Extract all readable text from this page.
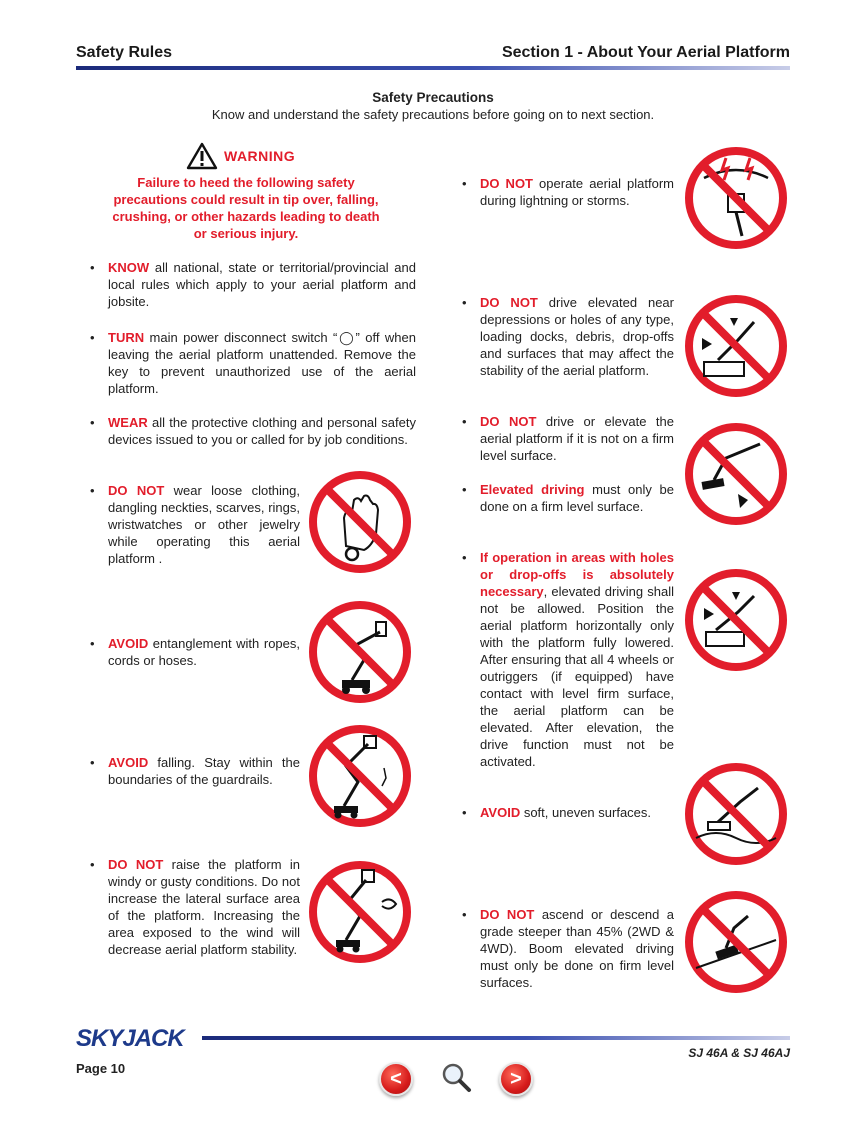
Safety Rules	Section 1 - About Your Aerial Platform
Safety Precautions
Know and understand the safety precautions before going on to next section.
WARNING
Failure to heed the following safety precautions could result in tip over, falling, crushing, or other hazards leading to death or serious injury.
• KNOW all national, state or territorial/provincial and local rules which apply to your aerial platform and jobsite.
• TURN main power disconnect switch “◯” off when leaving the aerial platform unattended. Remove the key to prevent unauthorized use of the aerial platform.
• WEAR all the protective clothing and personal safety devices issued to you or called for by job conditions.
• DO NOT wear loose clothing, dangling neckties, scarves, rings, wristwatches or other jewelry while operating this aerial platform .
• AVOID entanglement with ropes, cords or hoses.
• AVOID falling. Stay within the boundaries of the guardrails.
• DO NOT raise the platform in windy or gusty conditions. Do not increase the lateral surface area of the platform. Increasing the area exposed to the wind will decrease aerial platform stability.
• DO NOT operate aerial platform during lightning or storms.
• DO NOT drive elevated near depressions or holes of any type, loading docks, debris, drop-offs and surfaces that may affect the stability of the aerial platform.
• DO NOT drive or elevate the aerial platform if it is not on a firm level surface.
• Elevated driving must only be done on a firm level surface.
• If operation in areas with holes or drop-offs is absolutely necessary, elevated driving shall not be allowed. Position the aerial platform horizontally only with the platform fully lowered. After ensuring that all 4 wheels or outriggers (if equipped) have contact with level firm surface, the aerial platform can be elevated. After elevation, the drive function must not be activated.
• AVOID soft, uneven surfaces.
• DO NOT ascend or descend a grade steeper than 45% (2WD & 4WD). Boom elevated driving must only be done on firm level surfaces.
SKYJACK
SJ 46A & SJ 46AJ
Page 10	<	>
